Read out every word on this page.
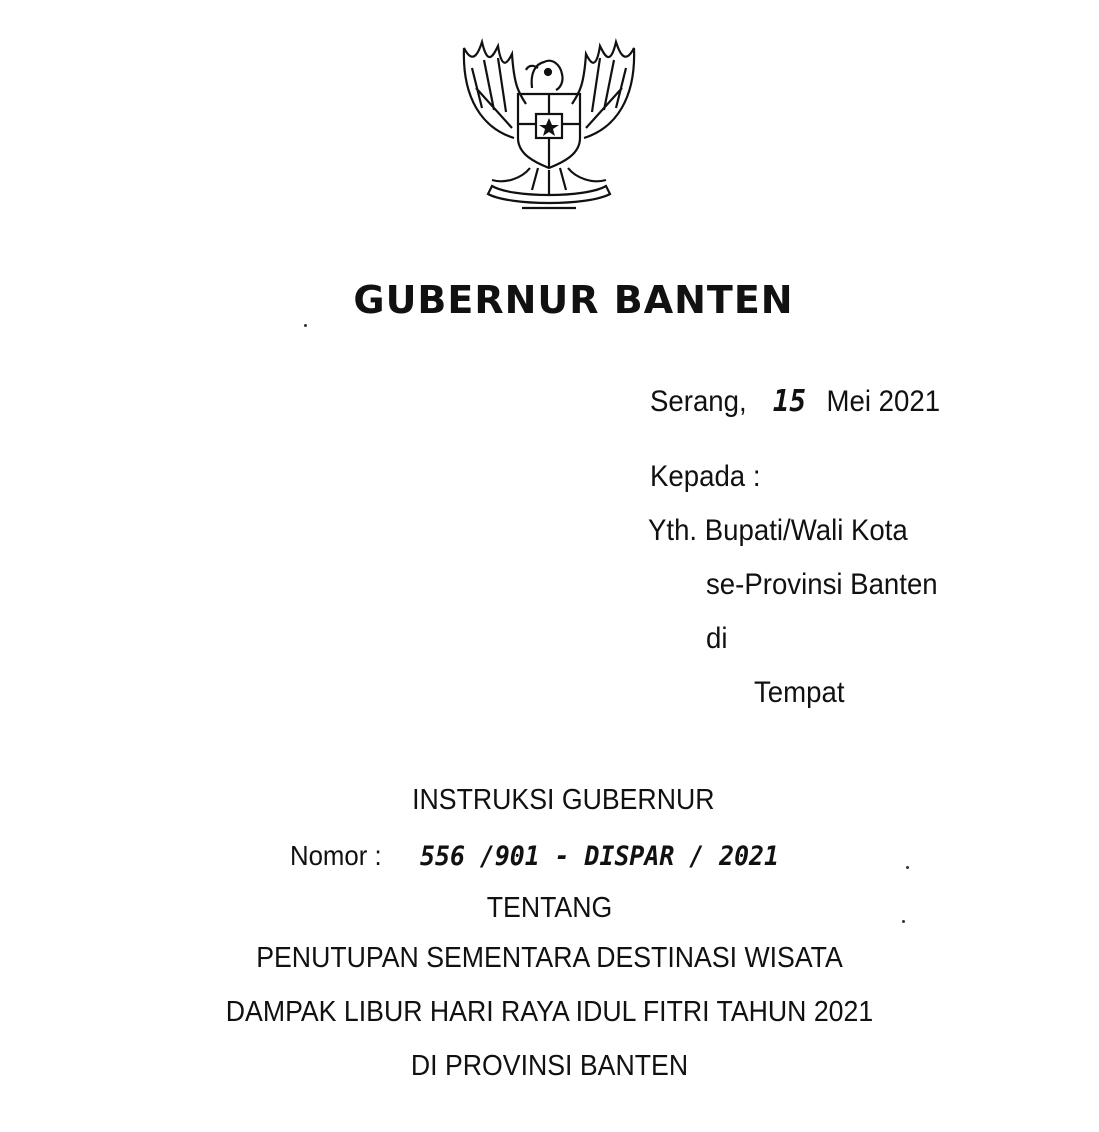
GUBERNUR BANTEN
Serang, 15 Mei 2021
Kepada :
Yth. Bupati/Wali Kota
se-Provinsi Banten
di
Tempat
INSTRUKSI GUBERNUR
Nomor : 556 /901 - DISPAR / 2021
TENTANG
PENUTUPAN SEMENTARA DESTINASI WISATA
DAMPAK LIBUR HARI RAYA IDUL FITRI TAHUN 2021
DI PROVINSI BANTEN
